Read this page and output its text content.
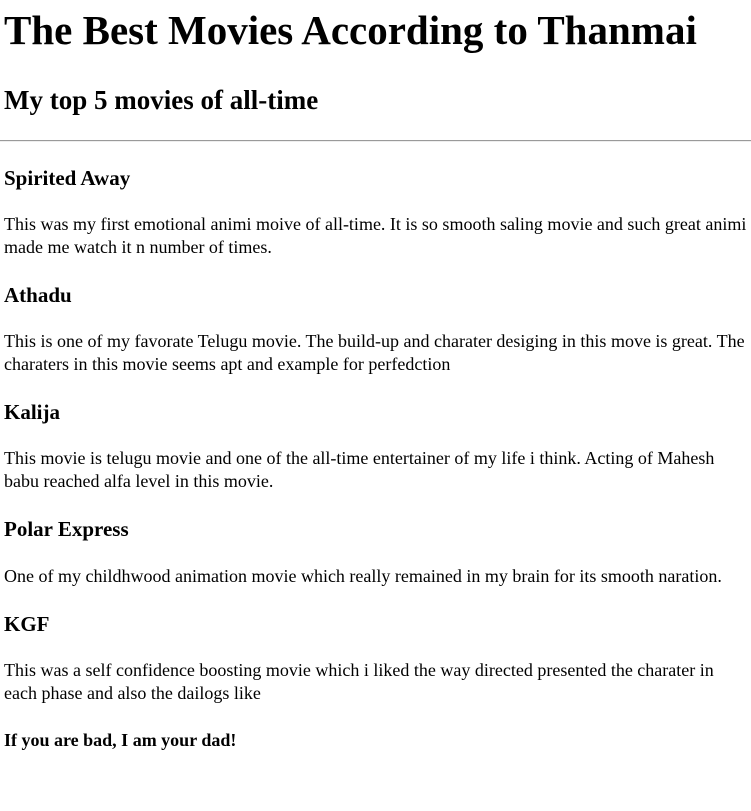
The Best Movies According to Thanmai
My top 5 movies of all-time
Spirited Away

This was my first emotional animi moive of all-time. It is so smooth saling movie and such great animi made me watch it n number of times.

Athadu

This is one of my favorate Telugu movie. The build-up and charater desiging in this move is great. The charaters in this movie seems apt and example for perfedction

Kalija

This movie is telugu movie and one of the all-time entertainer of my life i think. Acting of Mahesh babu reached alfa level in this movie.

Polar Express

One of my childhwood animation movie which really remained in my brain for its smooth naration.

KGF

This was a self confidence boosting movie which i liked the way directed presented the charater in each phase and also the dailogs like

If you are bad, I am your dad!
